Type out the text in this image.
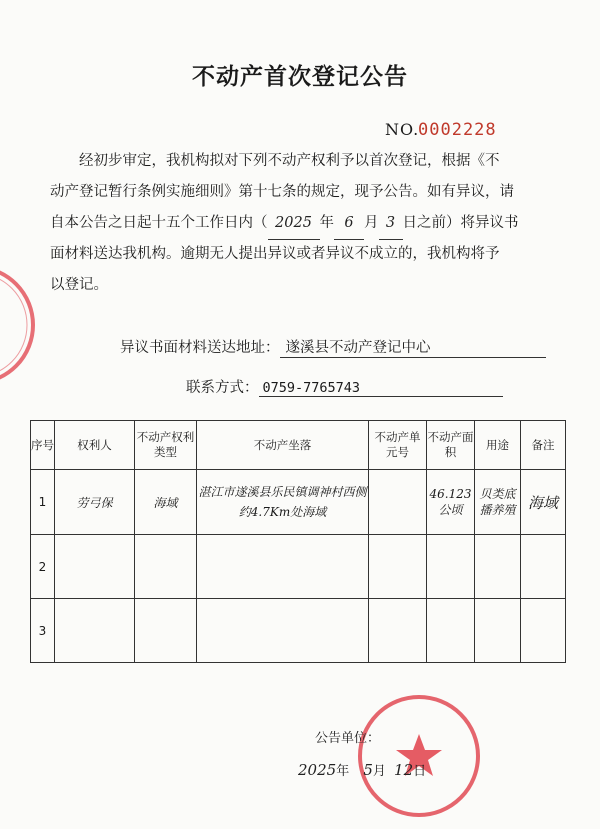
不动产首次登记公告
NO.
0002228
经初步审定，我机构拟对下列不动产权利予以首次登记，根据《不
动产登记暂行条例实施细则》第十七条的规定，现予公告。如有异议，请
自本公告之日起十五个工作日内（ 2025 年 6 月 3 日之前）将异议书
面材料送达我机构。逾期无人提出异议或者异议不成立的，我机构将予
以登记。
异议书面材料送达地址： 遂溪县不动产登记中心
联系方式： 0759-7765743
序号	权利人	不动产权利类型	不动产坐落	不动产单元号	不动产面积	用途	备注
1	劳弓保	海域	湛江市遂溪县乐民镇调神村西侧约4.7Km处海域		46.123公顷	贝类底播养殖	海域
2							
3							
公告单位：
2025年 5月 12日
